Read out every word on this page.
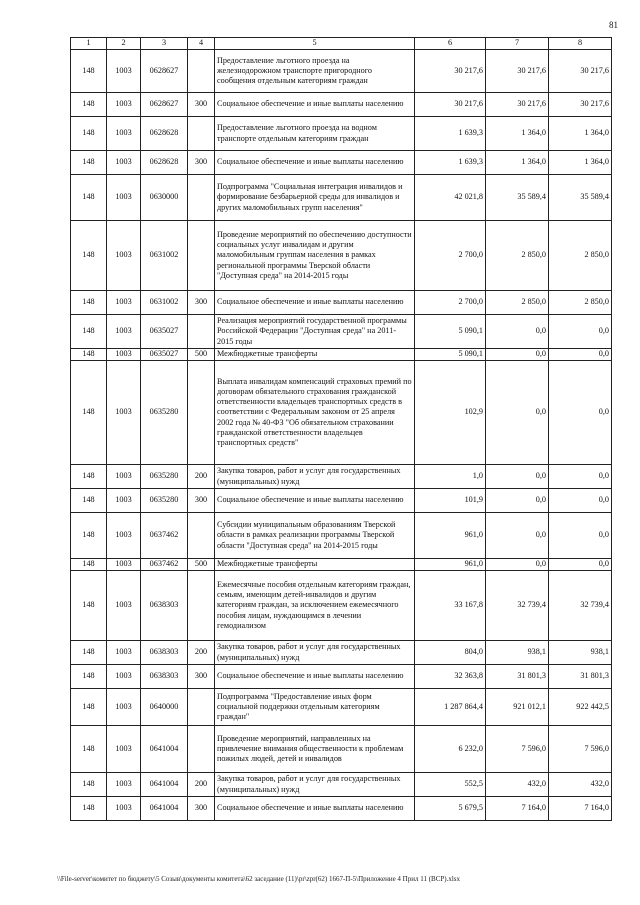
81
1	2	3	4	5	6	7	8
148	1003	0628627		Предоставление льготного проезда на железнодорожном транспорте пригородного сообщения отдельным категориям граждан	30 217,6	30 217,6	30 217,6
148	1003	0628627	300	Социальное обеспечение и иные выплаты населению	30 217,6	30 217,6	30 217,6
148	1003	0628628		Предоставление льготного проезда на водном транспорте отдельным категориям граждан	1 639,3	1 364,0	1 364,0
148	1003	0628628	300	Социальное обеспечение и иные выплаты населению	1 639,3	1 364,0	1 364,0
148	1003	0630000		Подпрограмма "Социальная интеграция инвалидов и формирование безбарьерной среды для инвалидов и других маломобильных групп населения"	42 021,8	35 589,4	35 589,4
148	1003	0631002		Проведение мероприятий по обеспечению доступности социальных услуг инвалидам и другим маломобильным группам населения в рамках региональной программы Тверской области "Доступная среда" на 2014-2015 годы	2 700,0	2 850,0	2 850,0
148	1003	0631002	300	Социальное обеспечение и иные выплаты населению	2 700,0	2 850,0	2 850,0
148	1003	0635027		Реализация мероприятий государственной программы Российской Федерации "Доступная среда" на 2011-2015 годы	5 090,1	0,0	0,0
148	1003	0635027	500	Межбюджетные трансферты	5 090,1	0,0	0,0
148	1003	0635280		Выплата инвалидам компенсаций страховых премий по договорам обязательного страхования гражданской ответственности владельцев транспортных средств в соответствии с Федеральным законом от 25 апреля 2002 года № 40-ФЗ "Об обязательном страховании гражданской ответственности владельцев транспортных средств"	102,9	0,0	0,0
148	1003	0635280	200	Закупка товаров, работ и услуг для государственных (муниципальных) нужд	1,0	0,0	0,0
148	1003	0635280	300	Социальное обеспечение и иные выплаты населению	101,9	0,0	0,0
148	1003	0637462		Субсидии муниципальным образованиям Тверской области в рамках реализации программы Тверской области "Доступная среда" на 2014-2015 годы	961,0	0,0	0,0
148	1003	0637462	500	Межбюджетные трансферты	961,0	0,0	0,0
148	1003	0638303		Ежемесячные пособия отдельным категориям граждан, семьям, имеющим детей-инвалидов и другим категориям граждан, за исключением ежемесячного пособия лицам, нуждающимся в лечении гемодиализом	33 167,8	32 739,4	32 739,4
148	1003	0638303	200	Закупка товаров, работ и услуг для государственных (муниципальных) нужд	804,0	938,1	938,1
148	1003	0638303	300	Социальное обеспечение и иные выплаты населению	32 363,8	31 801,3	31 801,3
148	1003	0640000		Подпрограмма "Предоставление иных форм социальной поддержки отдельным категориям граждан"	1 287 864,4	921 012,1	922 442,5
148	1003	0641004		Проведение мероприятий, направленных на привлечение внимания общественности к проблемам пожилых людей, детей и инвалидов	6 232,0	7 596,0	7 596,0
148	1003	0641004	200	Закупка товаров, работ и услуг для государственных (муниципальных) нужд	552,5	432,0	432,0
148	1003	0641004	300	Социальное обеспечение и иные выплаты населению	5 679,5	7 164,0	7 164,0
\\File-server\комитет по бюджету\5 Созыв\документы комитета\62 заседание (11)\pr\zpr(62) 1667-П-5\Приложение 4 Прил 11 (ВСР).xlsx
